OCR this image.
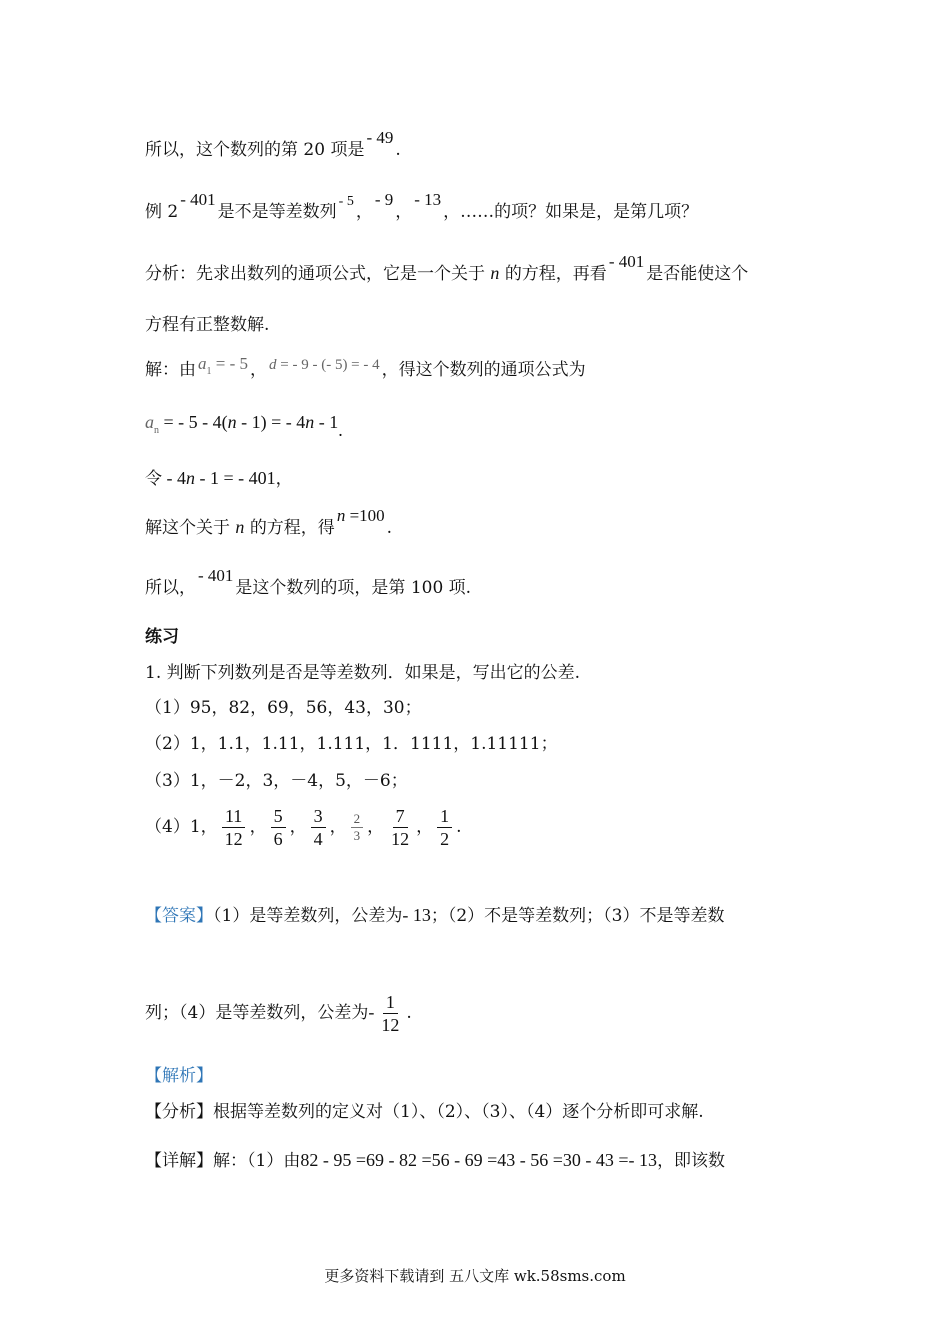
所以，这个数列的第 20 项是- 49.
例 2- 401是不是等差数列$^{- 5}$，- 9，- 13，……的项？如果是，是第几项？
分析：先求出数列的通项公式，它是一个关于 n 的方程，再看- 401是否能使这个
方程有正整数解.
解：由 $a_1$ = - 5 ， d = - 9 - (- 5) = - 4 ，得这个数列的通项公式为
$a_n$ = - 5 - 4(n - 1) = - 4n - 1.
令 - 4n - 1 = - 401，
解这个关于 n 的方程，得n =100.
所以，- 401是这个数列的项，是第 100 项.
练习
1. 判断下列数列是否是等差数列．如果是，写出它的公差.
（1）95，82，69，56，43，30；
（2）1，1.1，1.11，1.111，1．1111，1.11111；
（3）1，－2，3，－4，5，－6；
（4）1， $\frac{11}{12}$ ， $\frac{5}{6}$ ， $\frac{3}{4}$ ， $\frac{2}{3}$ ， $\frac{7}{12}$ ， $\frac{1}{2}$ .
【答案】（1）是等差数列，公差为- 13；（2）不是等差数列；（3）不是等差数
列；（4）是等差数列，公差为- $\frac{1}{12}$ .
【解析】
【分析】根据等差数列的定义对（1）、（2）、（3）、（4）逐个分析即可求解.
【详解】解：（1）由82 - 95 =69 - 82 =56 - 69 =43 - 56 =30 - 43 =- 13，即该数
更多资料下载请到 五八文库 wk.58sms.com
